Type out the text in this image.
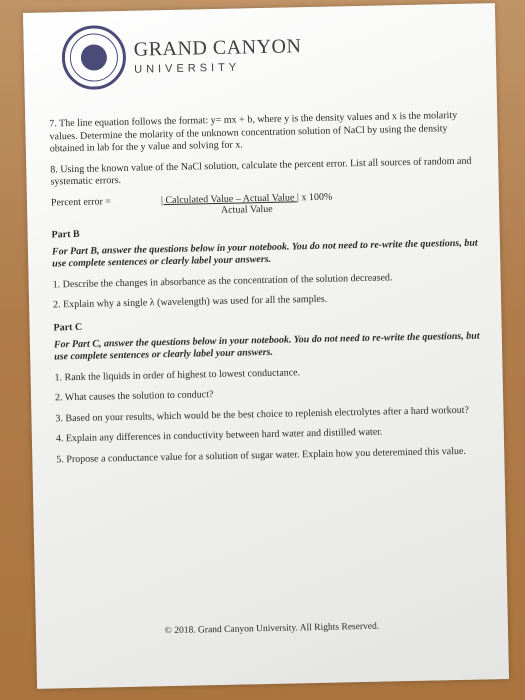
GRAND CANYON
UNIVERSITY

7. The line equation follows the format: y= mx + b, where y is the density values and x is the molarity values. Determine the molarity of the unknown concentration solution of NaCl by using the density obtained in lab for the y value and solving for x.

8. Using the known value of the NaCl solution, calculate the percent error. List all sources of random and systematic errors.

Percent error =	| Calculated Value – Actual Value | x 100%
Actual Value
Part B

For Part B, answer the questions below in your notebook. You do not need to re-write the questions, but use complete sentences or clearly label your answers.

1. Describe the changes in absorbance as the concentration of the solution decreased.

2. Explain why a single λ (wavelength) was used for all the samples.

Part C

For Part C, answer the questions below in your notebook. You do not need to re-write the questions, but use complete sentences or clearly label your answers.

1. Rank the liquids in order of highest to lowest conductance.

2. What causes the solution to conduct?

3. Based on your results, which would be the best choice to replenish electrolytes after a hard workout?

4. Explain any differences in conductivity between hard water and distilled water.

5. Propose a conductance value for a solution of sugar water. Explain how you deteremined this value.

© 2018. Grand Canyon University. All Rights Reserved.
